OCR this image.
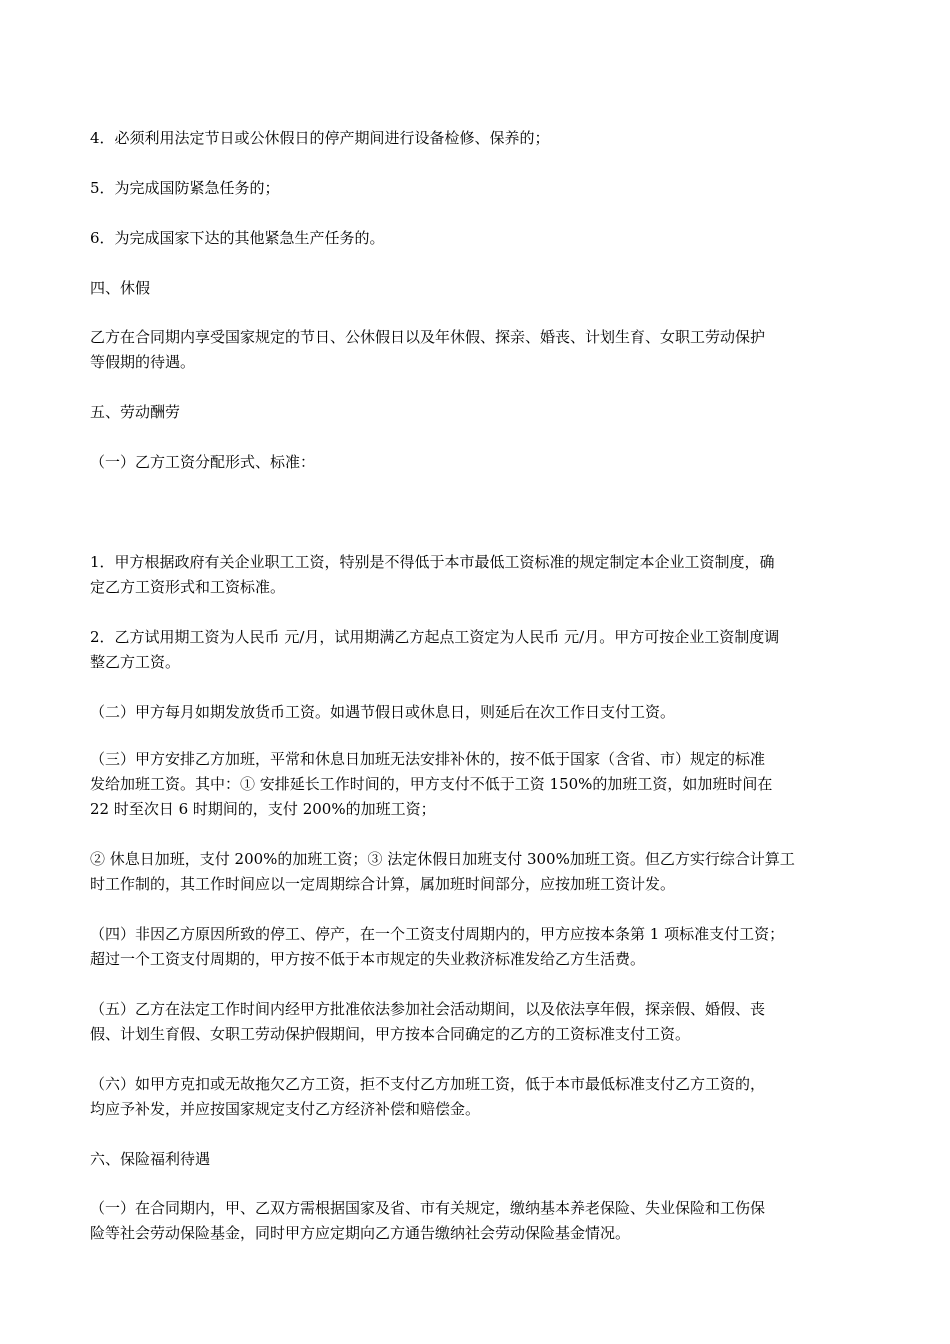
4．必须利用法定节日或公休假日的停产期间进行设备检修、保养的；
5．为完成国防紧急任务的；
6．为完成国家下达的其他紧急生产任务的。
四、休假
乙方在合同期内享受国家规定的节日、公休假日以及年休假、探亲、婚丧、计划生育、女职工劳动保护
等假期的待遇。
五、劳动酬劳
（一）乙方工资分配形式、标准：
1．甲方根据政府有关企业职工工资，特别是不得低于本市最低工资标准的规定制定本企业工资制度，确
定乙方工资形式和工资标准。
2．乙方试用期工资为人民币 元/月，试用期满乙方起点工资定为人民币 元/月。甲方可按企业工资制度调
整乙方工资。
（二）甲方每月如期发放货币工资。如遇节假日或休息日，则延后在次工作日支付工资。
（三）甲方安排乙方加班，平常和休息日加班无法安排补休的，按不低于国家（含省、市）规定的标准
发给加班工资。其中：① 安排延长工作时间的，甲方支付不低于工资 150%的加班工资，如加班时间在
22 时至次日 6 时期间的，支付 200%的加班工资；
② 休息日加班，支付 200%的加班工资；③ 法定休假日加班支付 300%加班工资。但乙方实行综合计算工
时工作制的，其工作时间应以一定周期综合计算，属加班时间部分，应按加班工资计发。
（四）非因乙方原因所致的停工、停产，在一个工资支付周期内的，甲方应按本条第 1 项标准支付工资；
超过一个工资支付周期的，甲方按不低于本市规定的失业救济标准发给乙方生活费。
（五）乙方在法定工作时间内经甲方批准依法参加社会活动期间，以及依法享年假，探亲假、婚假、丧
假、计划生育假、女职工劳动保护假期间，甲方按本合同确定的乙方的工资标准支付工资。
（六）如甲方克扣或无故拖欠乙方工资，拒不支付乙方加班工资，低于本市最低标准支付乙方工资的，
均应予补发，并应按国家规定支付乙方经济补偿和赔偿金。
六、保险福利待遇
（一）在合同期内，甲、乙双方需根据国家及省、市有关规定，缴纳基本养老保险、失业保险和工伤保
险等社会劳动保险基金，同时甲方应定期向乙方通告缴纳社会劳动保险基金情况。
